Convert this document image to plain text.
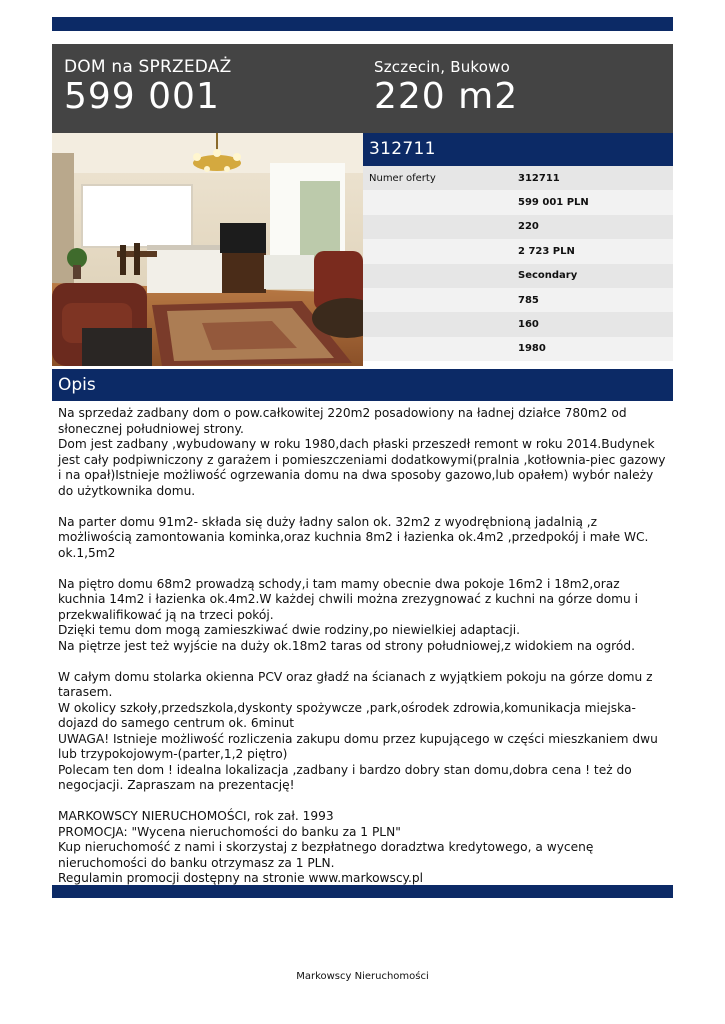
DOM na SPRZEDAŻ
599 001
Szczecin, Bukowo
220 m2
312711
Numer oferty	312711
599 001 PLN
220
2 723 PLN
Secondary
785
160
1980
Opis

Na sprzedaż zadbany dom o pow.całkowitej 220m2 posadowiony na ładnej działce 780m2 od słonecznej południowej strony.

Dom jest zadbany ,wybudowany w roku 1980,dach płaski przeszedł remont w roku 2014.Budynek jest cały podpiwniczony z garażem i pomieszczeniami dodatkowymi(pralnia ,kotłownia-piec gazowy i na opał)Istnieje możliwość ogrzewania domu na dwa sposoby gazowo,lub opałem) wybór należy do użytkownika domu.

Na parter domu 91m2- składa się duży ładny salon ok. 32m2 z wyodrębnioną jadalnią ,z możliwością zamontowania kominka,oraz kuchnia 8m2 i łazienka ok.4m2 ,przedpokój i małe WC. ok.1,5m2

Na piętro domu 68m2 prowadzą schody,i tam mamy obecnie dwa pokoje 16m2 i 18m2,oraz kuchnia 14m2 i łazienka ok.4m2.W każdej chwili można zrezygnować z kuchni na górze domu i przekwalifikować ją na trzeci pokój.

Dzięki temu dom mogą zamieszkiwać dwie rodziny,po niewielkiej adaptacji.

Na piętrze jest też wyjście na duży ok.18m2 taras od strony południowej,z widokiem na ogród.

W całym domu stolarka okienna PCV oraz gładź na ścianach z wyjątkiem pokoju na górze domu z tarasem.

W okolicy szkoły,przedszkola,dyskonty spożywcze ,park,ośrodek zdrowia,komunikacja miejska-dojazd do samego centrum ok. 6minut

UWAGA! Istnieje możliwość rozliczenia zakupu domu przez kupującego w części mieszkaniem dwu lub trzypokojowym-(parter,1,2 piętro)

Polecam ten dom ! idealna lokalizacja ,zadbany i bardzo dobry stan domu,dobra cena ! też do negocjacji. Zapraszam na prezentację!

MARKOWSCY NIERUCHOMOŚCI, rok zał. 1993

PROMOCJA: "Wycena nieruchomości do banku za 1 PLN"

Kup nieruchomość z nami i skorzystaj z bezpłatnego doradztwa kredytowego, a wycenę nieruchomości do banku otrzymasz za 1 PLN.

Regulamin promocji dostępny na stronie www.markowscy.pl

Markowscy Nieruchomości
